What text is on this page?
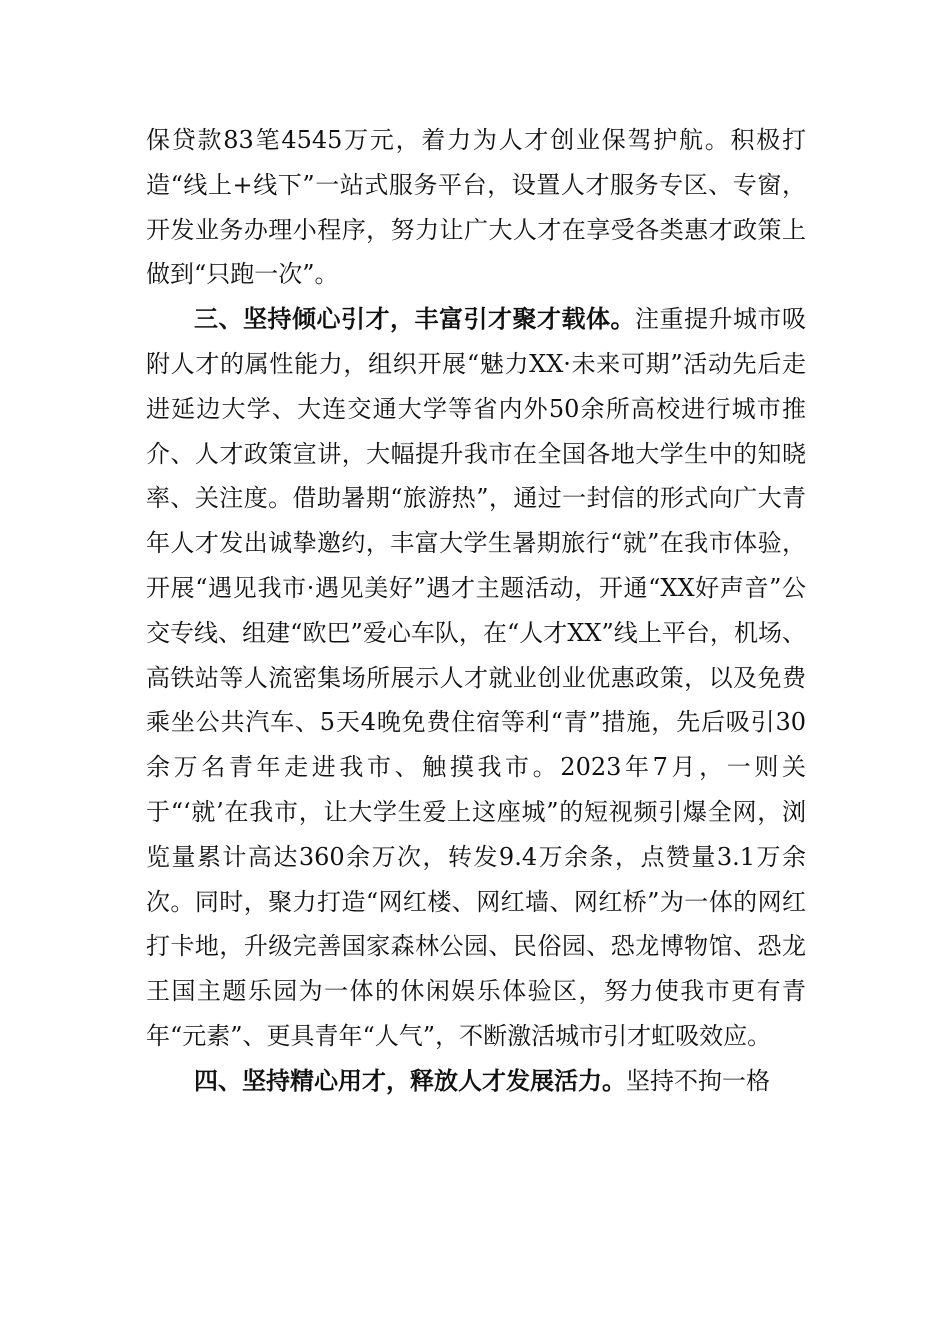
保贷款83笔4545万元，着力为人才创业保驾护航。积极打造“线上+线下”一站式服务平台，设置人才服务专区、专窗，开发业务办理小程序，努力让广大人才在享受各类惠才政策上做到“只跑一次”。

三、坚持倾心引才，丰富引才聚才载体。注重提升城市吸附人才的属性能力，组织开展“魅力XX·未来可期”活动先后走进延边大学、大连交通大学等省内外50余所高校进行城市推介、人才政策宣讲，大幅提升我市在全国各地大学生中的知晓率、关注度。借助暑期“旅游热”，通过一封信的形式向广大青年人才发出诚挚邀约，丰富大学生暑期旅行“就”在我市体验，开展“遇见我市·遇见美好”遇才主题活动，开通“XX好声音”公交专线、组建“欧巴”爱心车队，在“人才XX”线上平台，机场、高铁站等人流密集场所展示人才就业创业优惠政策，以及免费乘坐公共汽车、5天4晚免费住宿等利“青”措施，先后吸引30余万名青年走进我市、触摸我市。2023年7月，一则关于“‘就’在我市，让大学生爱上这座城”的短视频引爆全网，浏览量累计高达360余万次，转发9.4万余条，点赞量3.1万余次。同时，聚力打造“网红楼、网红墙、网红桥”为一体的网红打卡地，升级完善国家森林公园、民俗园、恐龙博物馆、恐龙王国主题乐园为一体的休闲娱乐体验区，努力使我市更有青年“元素”、更具青年“人气”，不断激活城市引才虹吸效应。

四、坚持精心用才，释放人才发展活力。坚持不拘一格
